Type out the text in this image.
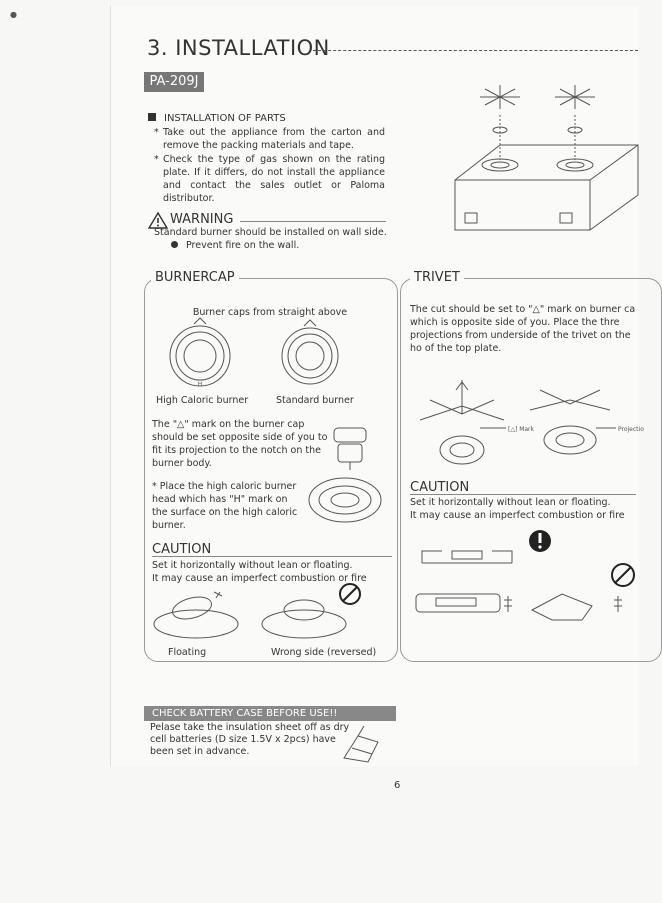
●
3. INSTALLATION
PA-209J
INSTALLATION OF PARTS
* Take out the appliance from the carton and remove the packing materials and tape.
* Check the type of gas shown on the rating plate. If it differs, do not install the appliance and contact the sales outlet or Paloma distributor.
WARNING
Standard burner should be installed on wall side.
Prevent fire on the wall.
BURNERCAP
Burner caps from straight above
H
High Caloric burner	Standard burner
The "△" mark on the burner cap should be set opposite side of you to fit its projection to the notch on the burner body.
* Place the high caloric burner head which has "H" mark on the surface on the high caloric burner.
CAUTION
Set it horizontally without lean or floating.
It may cause an imperfect combustion or fire
Floating	Wrong side (reversed)
TRIVET
The cut should be set to "△" mark on burner ca which is opposite side of you. Place the thre projections from underside of the trivet on the ho of the top plate.
[△] Mark	Projectio
CAUTION
Set it horizontally without lean or floating.
It may cause an imperfect combustion or fire
CHECK BATTERY CASE BEFORE USE!!
Pelase take the insulation sheet off as dry cell batteries (D size 1.5V x 2pcs) have been set in advance.
6
